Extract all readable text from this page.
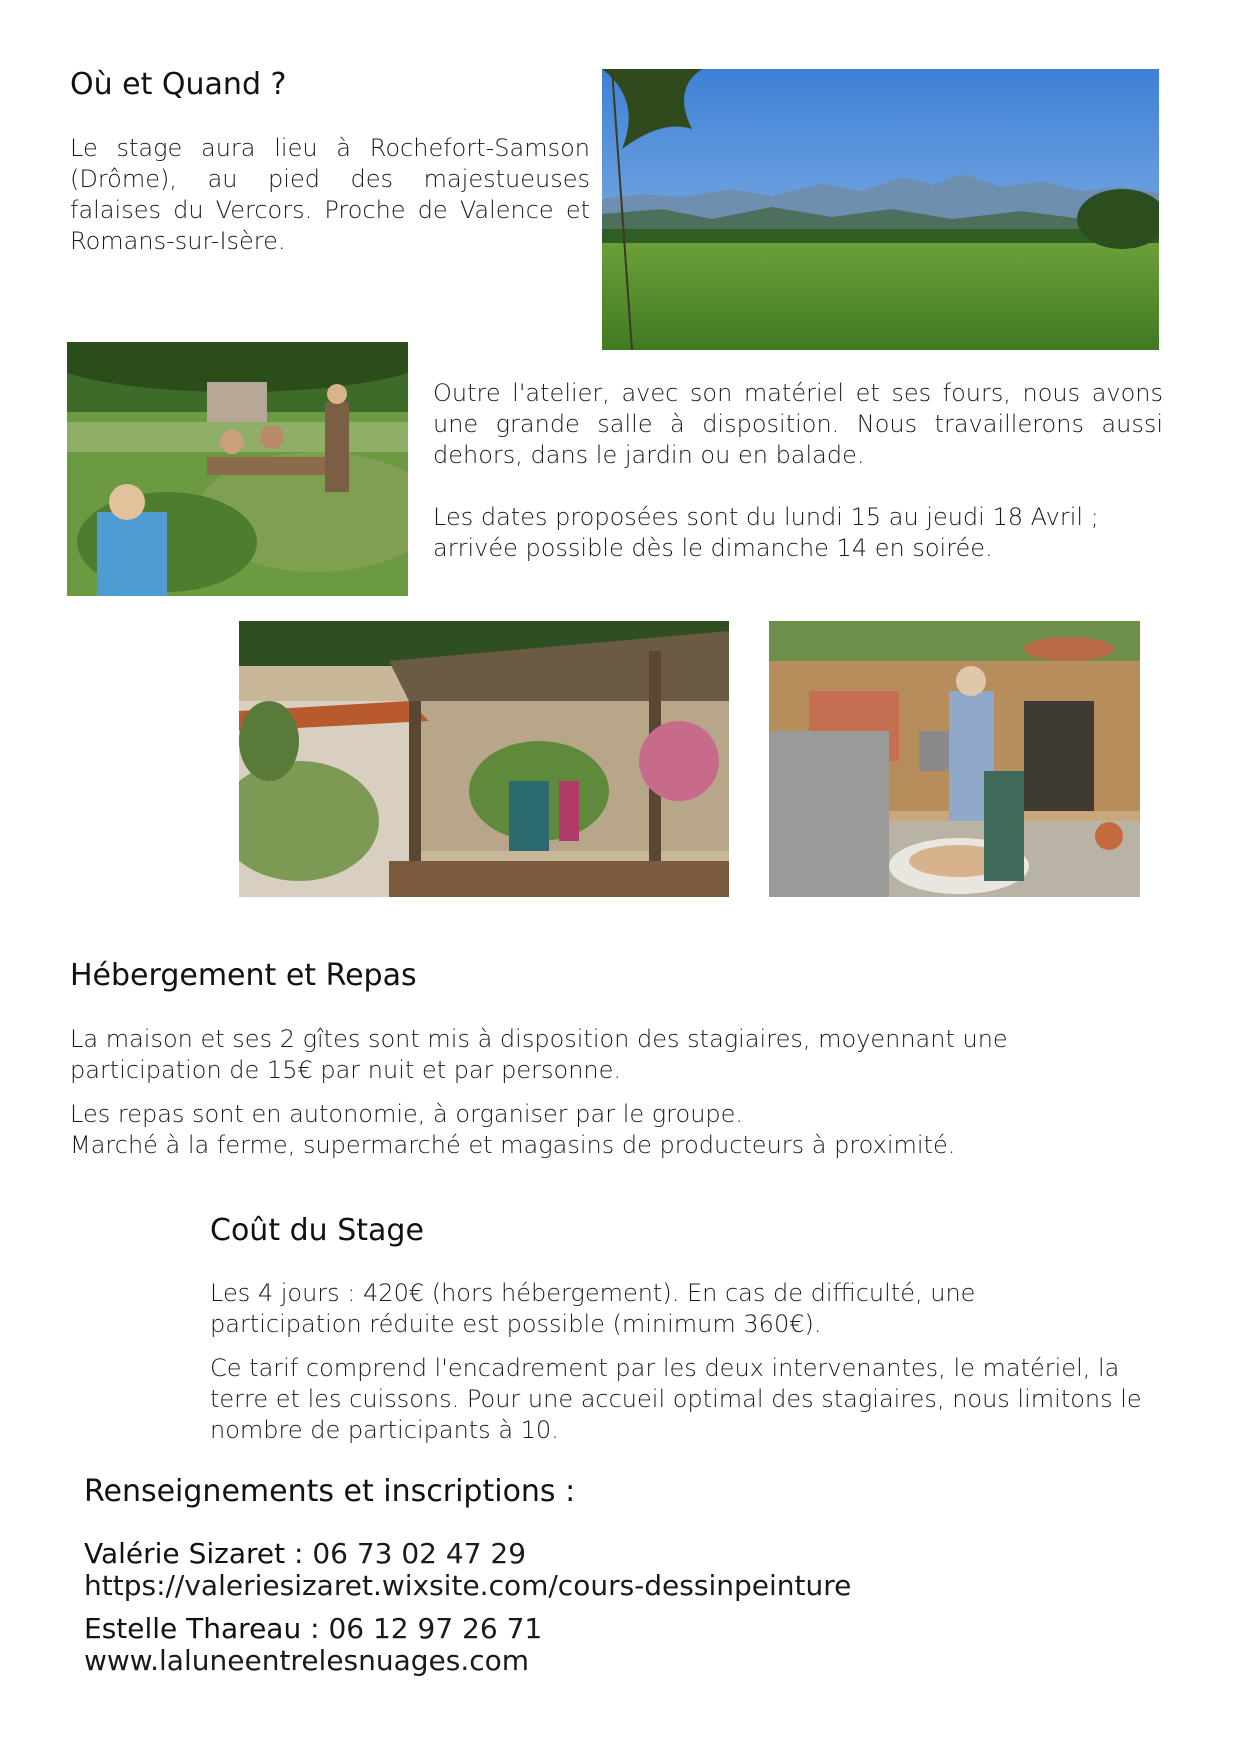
Où et Quand ?

Le stage aura lieu à Rochefort-Samson (Drôme), au pied des majestueuses falaises du Vercors. Proche de Valence et Romans-sur-Isère.

Outre l'atelier, avec son matériel et ses fours, nous avons une grande salle à disposition. Nous travaillerons aussi dehors, dans le jardin ou en balade.

Les dates proposées sont du lundi 15 au jeudi 18 Avril ; arrivée possible dès le dimanche 14 en soirée.

Hébergement et Repas

La maison et ses 2 gîtes sont mis à disposition des stagiaires, moyennant une participation de 15€ par nuit et par personne.

Les repas sont en autonomie, à organiser par le groupe.

Marché à la ferme, supermarché et magasins de producteurs à proximité.

Coût du Stage

Les 4 jours : 420€ (hors hébergement). En cas de difficulté, une participation réduite est possible (minimum 360€).

Ce tarif comprend l'encadrement par les deux intervenantes, le matériel, la terre et les cuissons. Pour une accueil optimal des stagiaires, nous limitons le nombre de participants à 10.

Renseignements et inscriptions :
Valérie Sizaret : 06 73 02 47 29
https://valeriesizaret.wixsite.com/cours-dessinpeinture
Estelle Thareau : 06 12 97 26 71
www.laluneentrelesnuages.com
